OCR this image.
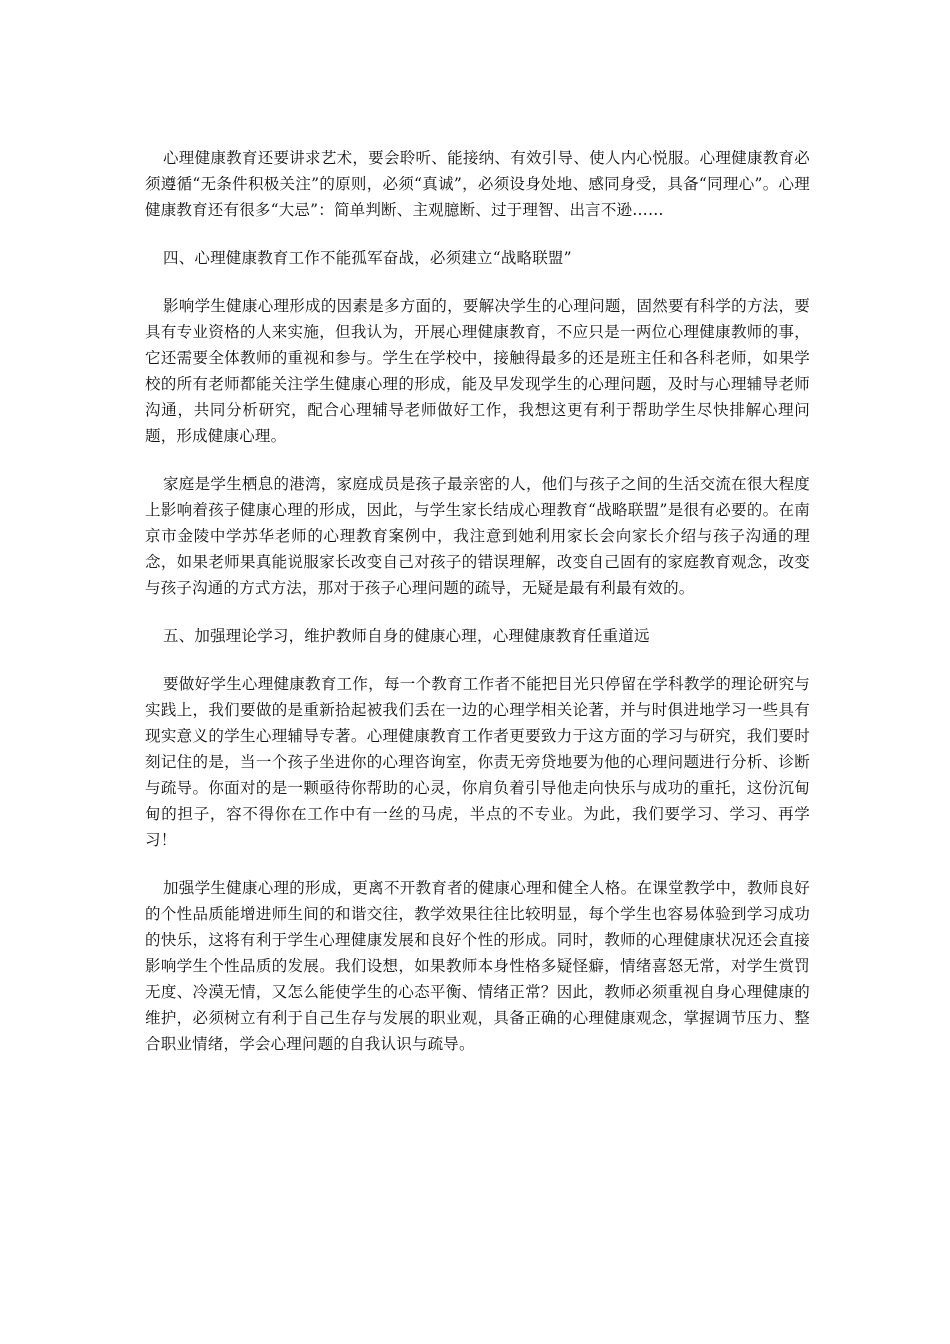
心理健康教育还要讲求艺术，要会聆听、能接纳、有效引导、使人内心悦服。心理健康教育必须遵循“无条件积极关注”的原则，必须“真诚”，必须设身处地、感同身受，具备“同理心”。心理健康教育还有很多“大忌”：简单判断、主观臆断、过于理智、出言不逊……

四、心理健康教育工作不能孤军奋战，必须建立“战略联盟”

影响学生健康心理形成的因素是多方面的，要解决学生的心理问题，固然要有科学的方法，要具有专业资格的人来实施，但我认为，开展心理健康教育，不应只是一两位心理健康教师的事，它还需要全体教师的重视和参与。学生在学校中，接触得最多的还是班主任和各科老师，如果学校的所有老师都能关注学生健康心理的形成，能及早发现学生的心理问题，及时与心理辅导老师沟通，共同分析研究，配合心理辅导老师做好工作，我想这更有利于帮助学生尽快排解心理问题，形成健康心理。

家庭是学生栖息的港湾，家庭成员是孩子最亲密的人，他们与孩子之间的生活交流在很大程度上影响着孩子健康心理的形成，因此，与学生家长结成心理教育“战略联盟”是很有必要的。在南京市金陵中学苏华老师的心理教育案例中，我注意到她利用家长会向家长介绍与孩子沟通的理念，如果老师果真能说服家长改变自己对孩子的错误理解，改变自己固有的家庭教育观念，改变与孩子沟通的方式方法，那对于孩子心理问题的疏导，无疑是最有利最有效的。

五、加强理论学习，维护教师自身的健康心理，心理健康教育任重道远

要做好学生心理健康教育工作，每一个教育工作者不能把目光只停留在学科教学的理论研究与实践上，我们要做的是重新拾起被我们丢在一边的心理学相关论著，并与时俱进地学习一些具有现实意义的学生心理辅导专著。心理健康教育工作者更要致力于这方面的学习与研究，我们要时刻记住的是，当一个孩子坐进你的心理咨询室，你责无旁贷地要为他的心理问题进行分析、诊断与疏导。你面对的是一颗亟待你帮助的心灵，你肩负着引导他走向快乐与成功的重托，这份沉甸甸的担子，容不得你在工作中有一丝的马虎，半点的不专业。为此，我们要学习、学习、再学习！

加强学生健康心理的形成，更离不开教育者的健康心理和健全人格。在课堂教学中，教师良好的个性品质能增进师生间的和谐交往，教学效果往往比较明显，每个学生也容易体验到学习成功的快乐，这将有利于学生心理健康发展和良好个性的形成。同时，教师的心理健康状况还会直接影响学生个性品质的发展。我们设想，如果教师本身性格多疑怪癖，情绪喜怒无常，对学生赏罚无度、冷漠无情，又怎么能使学生的心态平衡、情绪正常？因此，教师必须重视自身心理健康的维护，必须树立有利于自己生存与发展的职业观，具备正确的心理健康观念，掌握调节压力、整合职业情绪，学会心理问题的自我认识与疏导。
